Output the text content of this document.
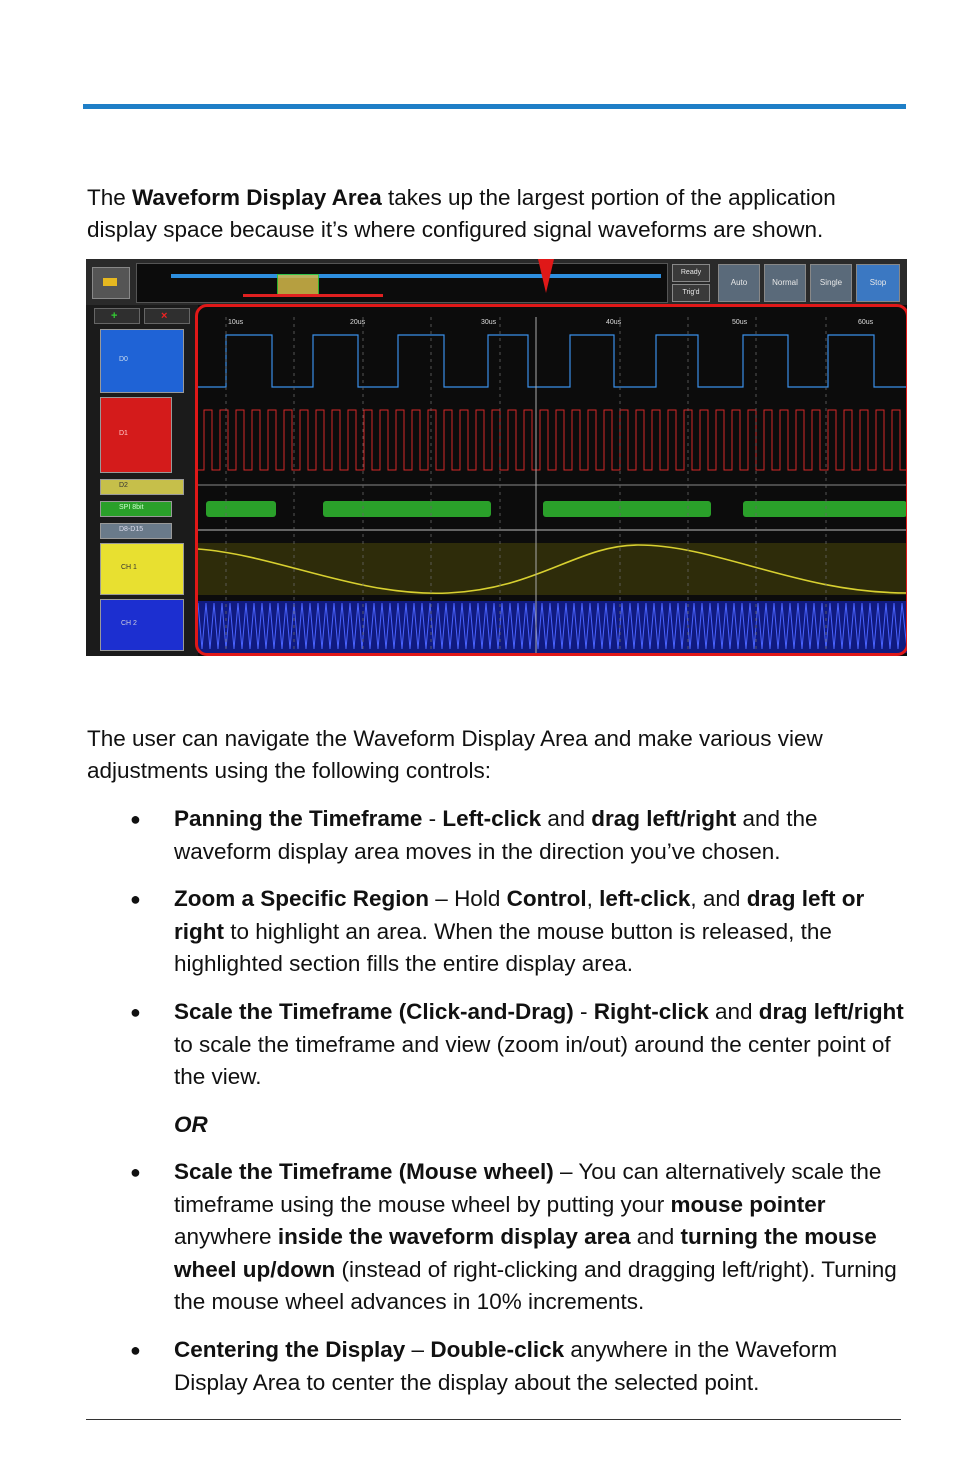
The Waveform Display Area takes up the largest portion of the application display space because it’s where configured signal waveforms are shown.

Ready
Trig'd
Auto	Normal	Single	Stop
+	×
D0
D1
D2
SPI 8bit
D8-D15
CH 1
CH 2
10us	20us	30us	40us	50us	60us

The user can navigate the Waveform Display Area and make various view adjustments using the following controls:

● Panning the Timeframe - Left-click and drag left/right and the waveform display area moves in the direction you’ve chosen.
● Zoom a Specific Region – Hold Control, left-click, and drag left or right to highlight an area. When the mouse button is released, the highlighted section fills the entire display area.
● Scale the Timeframe (Click-and-Drag) - Right-click and drag left/right to scale the timeframe and view (zoom in/out) around the center point of the view.
OR
● Scale the Timeframe (Mouse wheel) – You can alternatively scale the timeframe using the mouse wheel by putting your mouse pointer anywhere inside the waveform display area and turning the mouse wheel up/down (instead of right-clicking and dragging left/right). Turning the mouse wheel advances in 10% increments.
● Centering the Display – Double-click anywhere in the Waveform Display Area to center the display about the selected point.
